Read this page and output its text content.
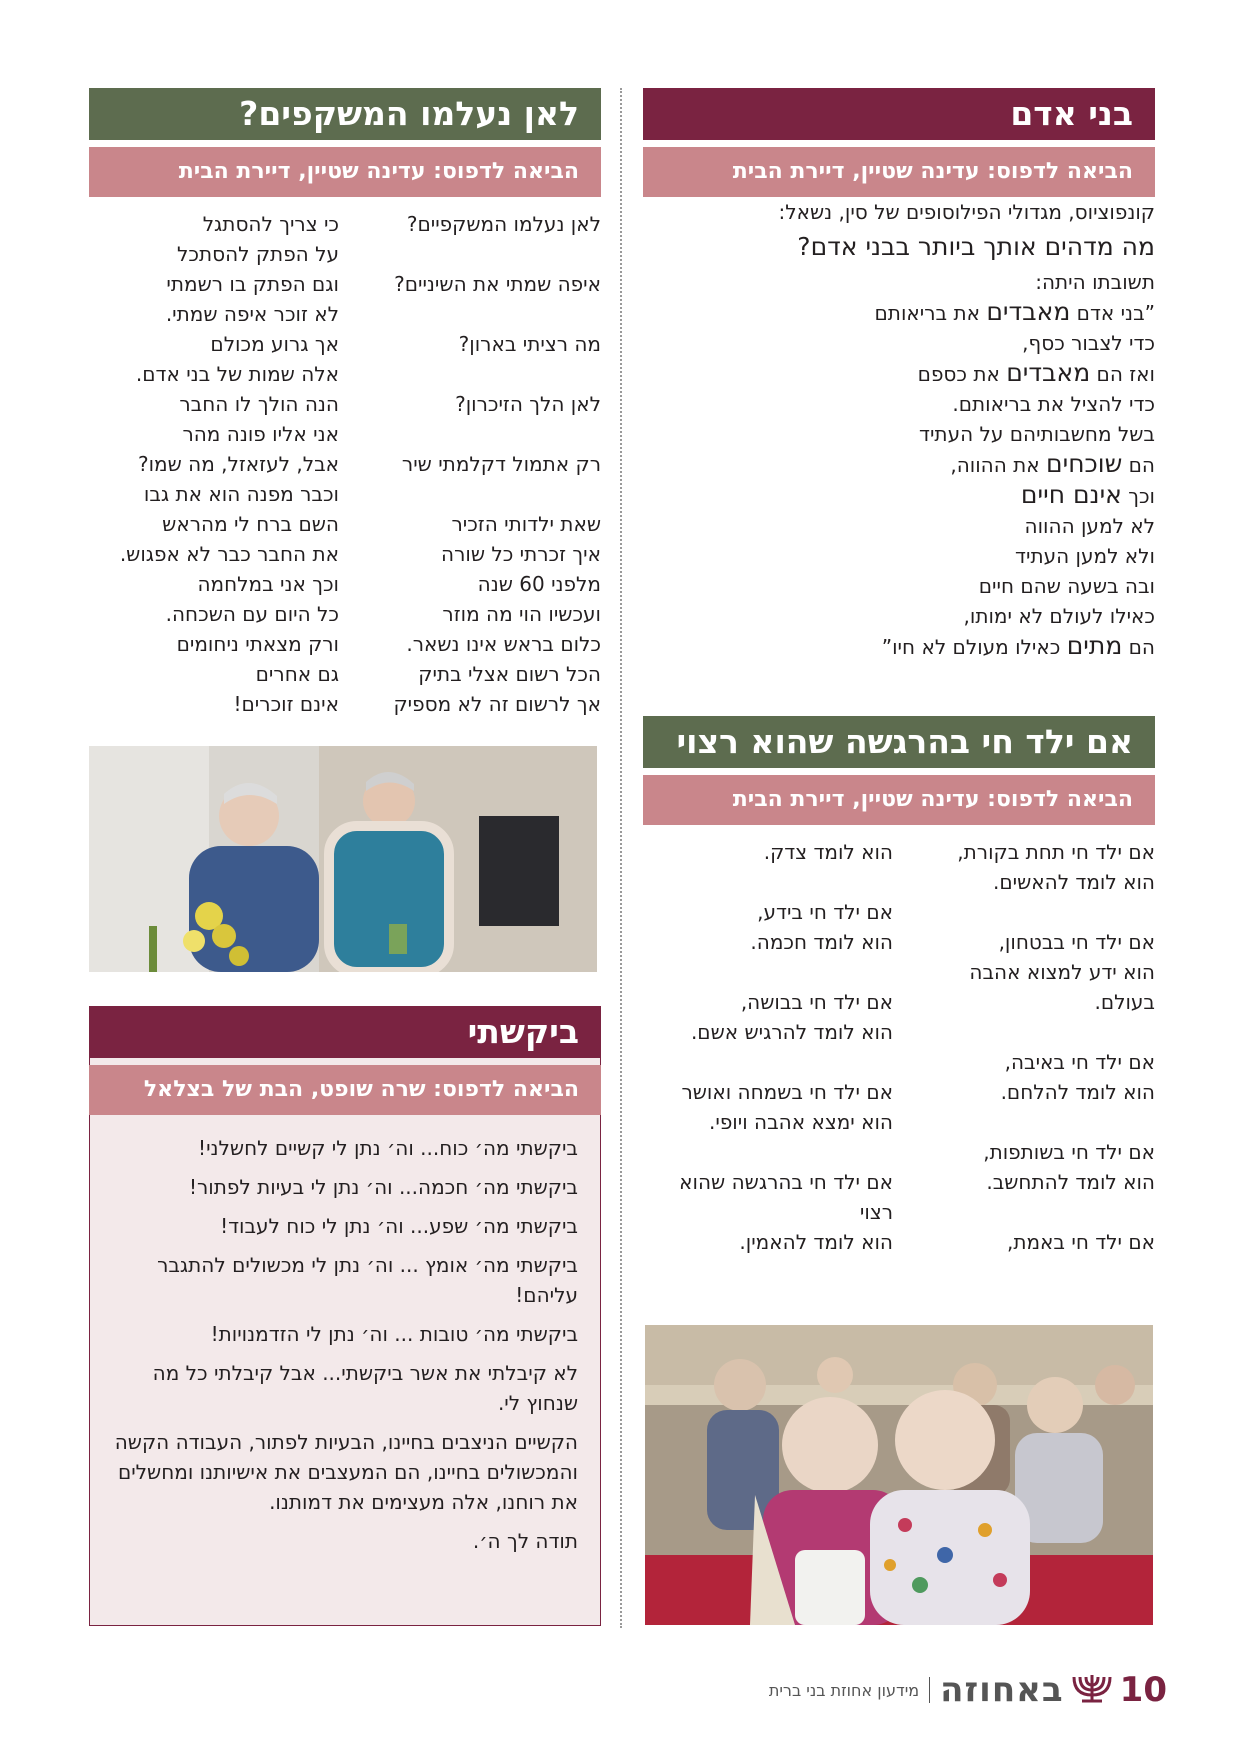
בני אדם
הביאה לדפוס: עדינה שטיין, דיירת הבית

קונפוציוס, מגדולי הפילוסופים של סין, נשאל:

מה מדהים אותך ביותר בבני אדם?

תשובתו היתה:

”בני אדם מאבדים את בריאותם

כדי לצבור כסף,

ואז הם מאבדים את כספם

כדי להציל את בריאותם.

בשל מחשבותיהם על העתיד

הם שוכחים את ההווה,

וכך אינם חיים

לא למען ההווה

ולא למען העתיד

ובה בשעה שהם חיים

כאילו לעולם לא ימותו,

הם מתים כאילו מעולם לא חיו”

אם ילד חי בהרגשה שהוא רצוי
הביאה לדפוס: עדינה שטיין, דיירת הבית
אם ילד חי תחת בקורת,
הוא לומד להאשים.
אם ילד חי בבטחון,
הוא ידע למצוא אהבה
בעולם.
אם ילד חי באיבה,
הוא לומד להלחם.
אם ילד חי בשותפות,
הוא לומד להתחשב.
אם ילד חי באמת,
הוא לומד צדק.
אם ילד חי בידע,
הוא לומד חכמה.
אם ילד חי בבושה,
הוא לומד להרגיש אשם.
אם ילד חי בשמחה ואושר
הוא ימצא אהבה ויופי.
אם ילד חי בהרגשה שהוא
רצוי
הוא לומד להאמין.
לאן נעלמו המשקפים?
הביאה לדפוס: עדינה שטיין, דיירת הבית
לאן נעלמו המשקפיים?
איפה שמתי את השיניים?
מה רציתי בארון?
לאן הלך הזיכרון?
רק אתמול דקלמתי שיר
שאת ילדותי הזכיר
איך זכרתי כל שורה
מלפני 60 שנה
ועכשיו הוי מה מוזר
כלום בראש אינו נשאר.
הכל רשום אצלי בתיק
אך לרשום זה לא מספיק
כי צריך להסתגל
על הפתק להסתכל
וגם הפתק בו רשמתי
לא זוכר איפה שמתי.
אך גרוע מכולם
אלה שמות של בני אדם.
הנה הולך לו החבר
אני אליו פונה מהר
אבל, לעזאזל, מה שמו?
וכבר מפנה הוא את גבו
השם ברח לי מהראש
את החבר כבר לא אפגוש.
וכך אני במלחמה
כל היום עם השכחה.
ורק מצאתי ניחומים
גם אחרים
אינם זוכרים!
ביקשתי
הביאה לדפוס: שרה שופט, הבת של בצלאל

ביקשתי מה׳ כוח... וה׳ נתן לי קשיים לחשלני!

ביקשתי מה׳ חכמה... וה׳ נתן לי בעיות לפתור!

ביקשתי מה׳ שפע... וה׳ נתן לי כוח לעבוד!

ביקשתי מה׳ אומץ ... וה׳ נתן לי מכשולים להתגבר עליהם!

ביקשתי מה׳ טובות ... וה׳ נתן לי הזדמנויות!

לא קיבלתי את אשר ביקשתי... אבל קיבלתי כל מה שנחוץ לי.

הקשיים הניצבים בחיינו, הבעיות לפתור, העבודה הקשה והמכשולים בחיינו, הם המעצבים את אישיותנו ומחשלים את רוחנו, אלה מעצימים את דמותנו.

תודה לך ה׳.

10
באחוזה
מידעון אחוזת בני ברית
